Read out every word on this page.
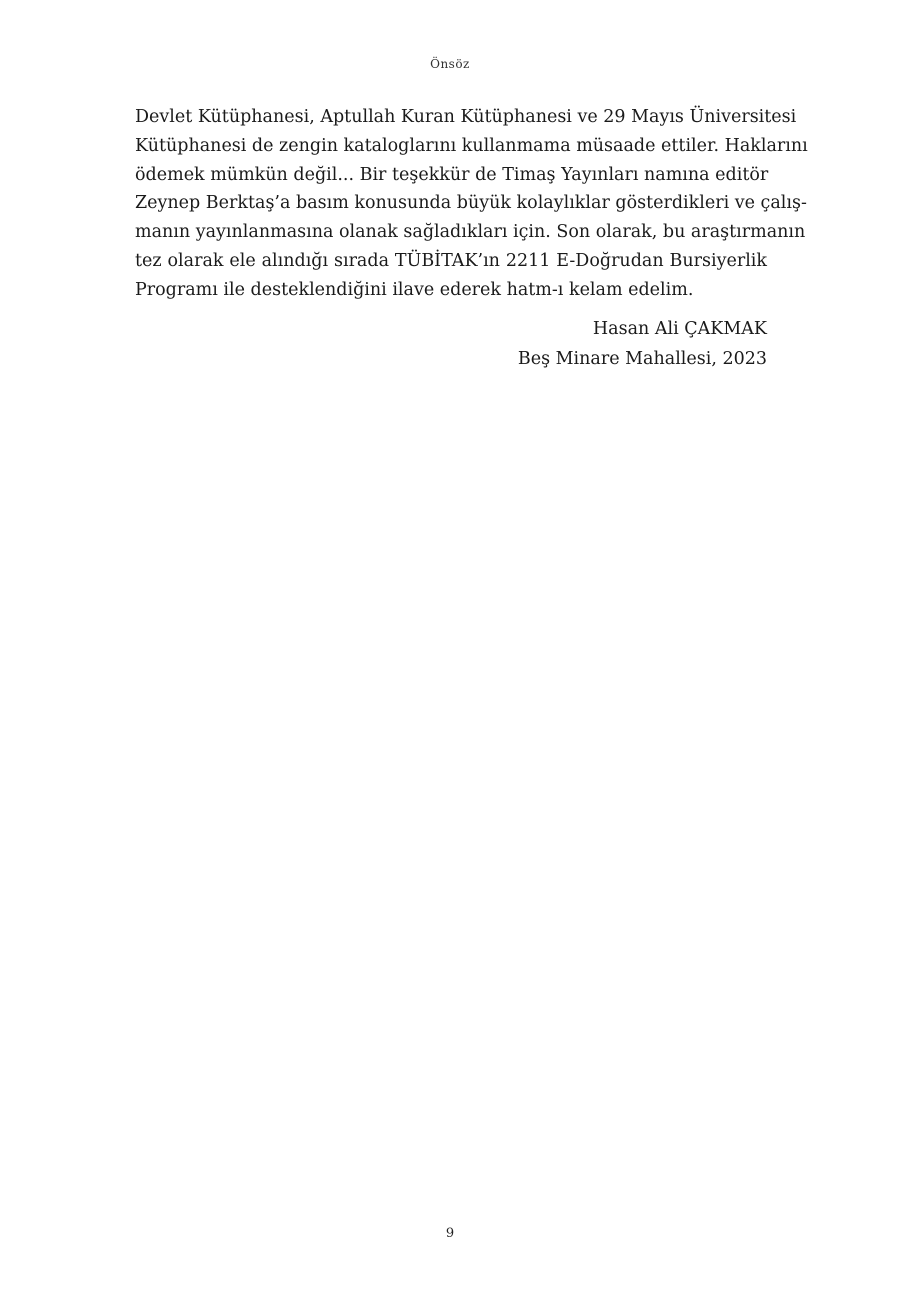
Önsöz
Devlet Kütüphanesi, Aptullah Kuran Kütüphanesi ve 29 Mayıs Üniversitesi
Kütüphanesi de zengin kataloglarını kullanmama müsaade ettiler. Haklarını
ödemek mümkün değil... Bir teşekkür de Timaş Yayınları namına editör
Zeynep Berktaş’a basım konusunda büyük kolaylıklar gösterdikleri ve çalış-
manın yayınlanmasına olanak sağladıkları için. Son olarak, bu araştırmanın
tez olarak ele alındığı sırada TÜBİTAK’ın 2211 E-Doğrudan Bursiyerlik
Programı ile desteklendiğini ilave ederek hatm-ı kelam edelim.
Hasan Ali ÇAKMAK
Beş Minare Mahallesi, 2023
9
